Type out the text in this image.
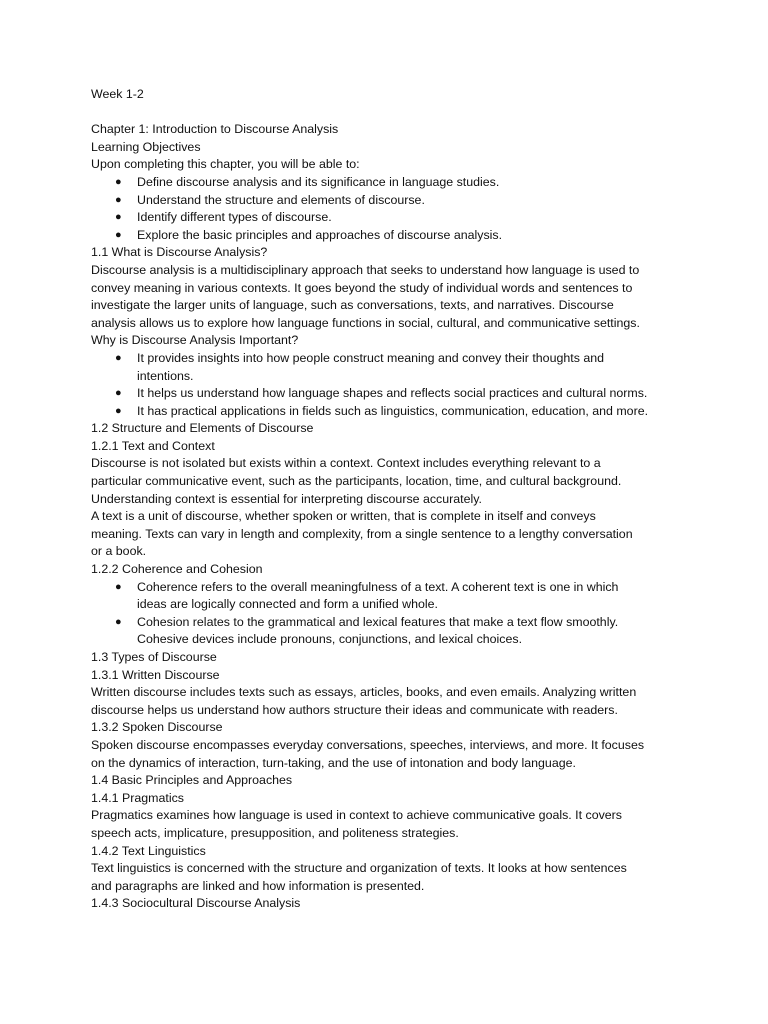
Week 1-2
Chapter 1: Introduction to Discourse Analysis
Learning Objectives
Upon completing this chapter, you will be able to:
● Define discourse analysis and its significance in language studies.
● Understand the structure and elements of discourse.
● Identify different types of discourse.
● Explore the basic principles and approaches of discourse analysis.
1.1 What is Discourse Analysis?
Discourse analysis is a multidisciplinary approach that seeks to understand how language is used to
convey meaning in various contexts. It goes beyond the study of individual words and sentences to
investigate the larger units of language, such as conversations, texts, and narratives. Discourse
analysis allows us to explore how language functions in social, cultural, and communicative settings.
Why is Discourse Analysis Important?
● It provides insights into how people construct meaning and convey their thoughts and
intentions.
● It helps us understand how language shapes and reflects social practices and cultural norms.
● It has practical applications in fields such as linguistics, communication, education, and more.
1.2 Structure and Elements of Discourse
1.2.1 Text and Context
Discourse is not isolated but exists within a context. Context includes everything relevant to a
particular communicative event, such as the participants, location, time, and cultural background.
Understanding context is essential for interpreting discourse accurately.
A text is a unit of discourse, whether spoken or written, that is complete in itself and conveys
meaning. Texts can vary in length and complexity, from a single sentence to a lengthy conversation
or a book.
1.2.2 Coherence and Cohesion
● Coherence refers to the overall meaningfulness of a text. A coherent text is one in which
ideas are logically connected and form a unified whole.
● Cohesion relates to the grammatical and lexical features that make a text flow smoothly.
Cohesive devices include pronouns, conjunctions, and lexical choices.
1.3 Types of Discourse
1.3.1 Written Discourse
Written discourse includes texts such as essays, articles, books, and even emails. Analyzing written
discourse helps us understand how authors structure their ideas and communicate with readers.
1.3.2 Spoken Discourse
Spoken discourse encompasses everyday conversations, speeches, interviews, and more. It focuses
on the dynamics of interaction, turn-taking, and the use of intonation and body language.
1.4 Basic Principles and Approaches
1.4.1 Pragmatics
Pragmatics examines how language is used in context to achieve communicative goals. It covers
speech acts, implicature, presupposition, and politeness strategies.
1.4.2 Text Linguistics
Text linguistics is concerned with the structure and organization of texts. It looks at how sentences
and paragraphs are linked and how information is presented.
1.4.3 Sociocultural Discourse Analysis
